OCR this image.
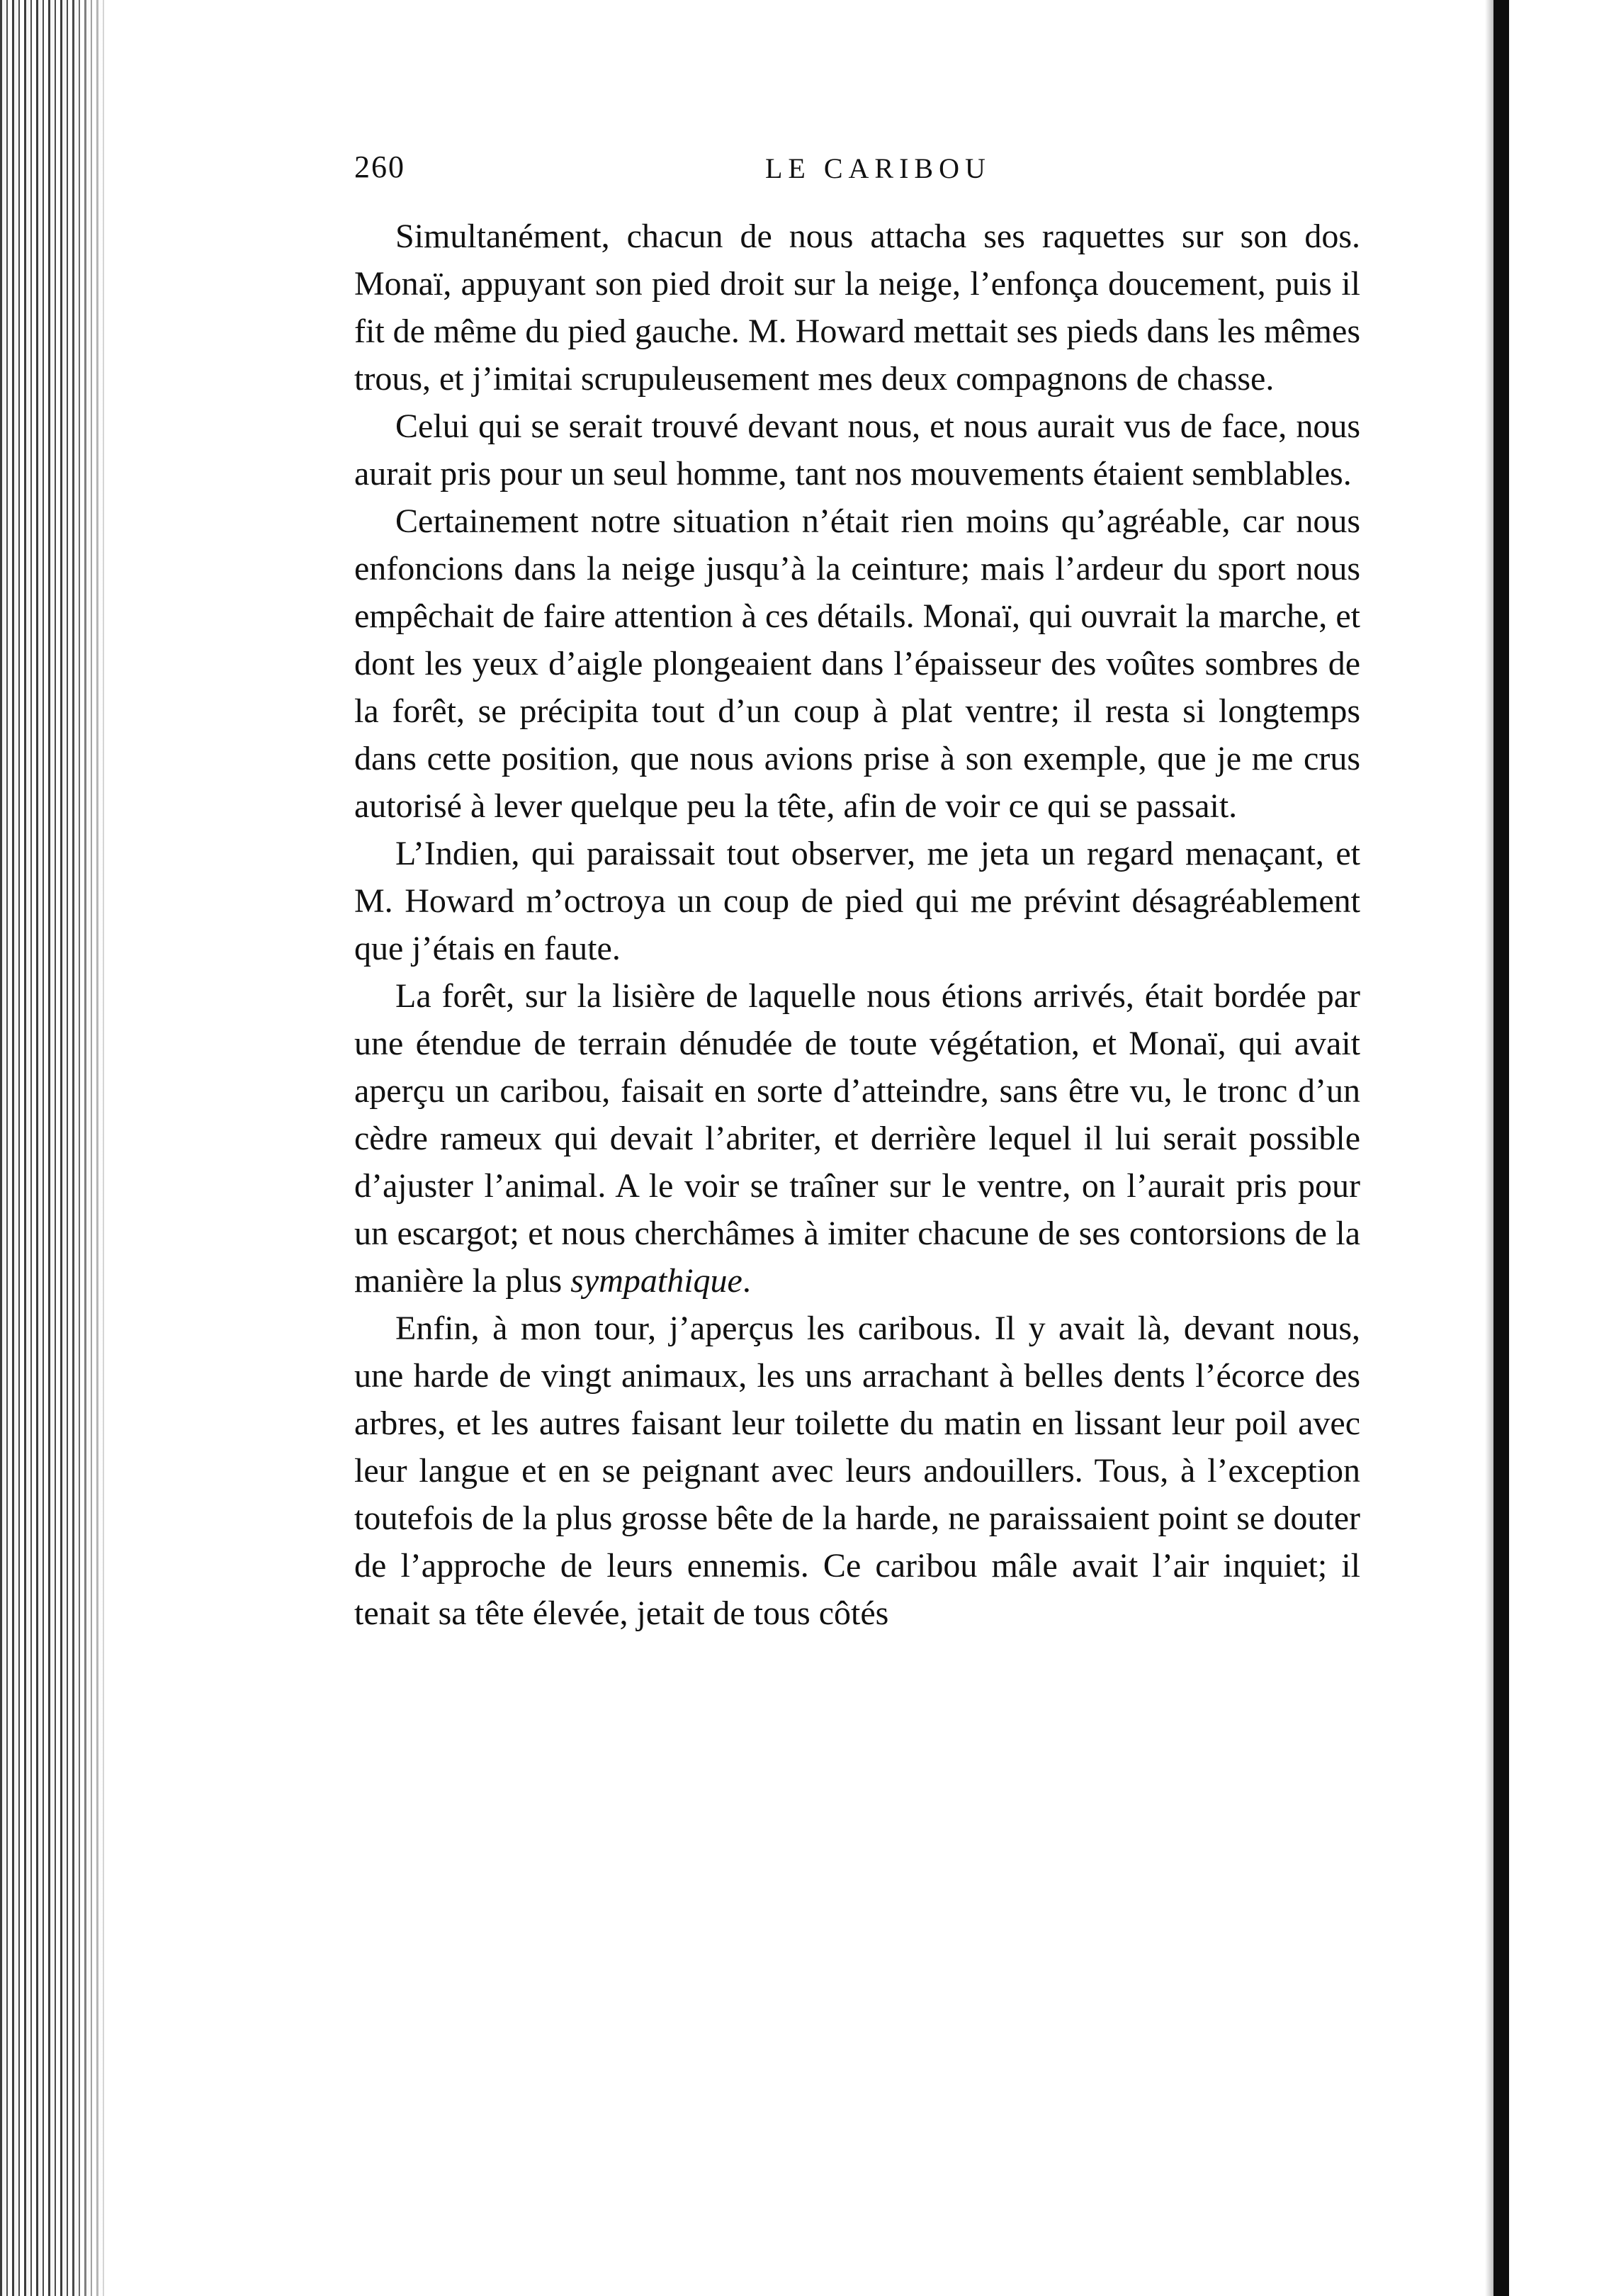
260	LE CARIBOU

Simultanément, chacun de nous attacha ses raquettes sur son dos. Monaï, appuyant son pied droit sur la neige, l’enfonça doucement, puis il fit de même du pied gauche. M. Howard mettait ses pieds dans les mêmes trous, et j’imitai scrupuleusement mes deux compagnons de chasse.

Celui qui se serait trouvé devant nous, et nous aurait vus de face, nous aurait pris pour un seul homme, tant nos mouvements étaient semblables.

Certainement notre situation n’était rien moins qu’agréable, car nous enfoncions dans la neige jusqu’à la ceinture; mais l’ardeur du sport nous empêchait de faire attention à ces détails. Monaï, qui ouvrait la marche, et dont les yeux d’aigle plongeaient dans l’épaisseur des voûtes sombres de la forêt, se précipita tout d’un coup à plat ventre; il resta si longtemps dans cette position, que nous avions prise à son exemple, que je me crus autorisé à lever quelque peu la tête, afin de voir ce qui se passait.

L’Indien, qui paraissait tout observer, me jeta un regard menaçant, et M. Howard m’octroya un coup de pied qui me prévint désagréablement que j’étais en faute.

La forêt, sur la lisière de laquelle nous étions arrivés, était bordée par une étendue de terrain dénudée de toute végétation, et Monaï, qui avait aperçu un caribou, faisait en sorte d’atteindre, sans être vu, le tronc d’un cèdre rameux qui devait l’abriter, et derrière lequel il lui serait possible d’ajuster l’animal. A le voir se traîner sur le ventre, on l’aurait pris pour un escargot; et nous cherchâmes à imiter chacune de ses contorsions de la manière la plus sympathique.

Enfin, à mon tour, j’aperçus les caribous. Il y avait là, devant nous, une harde de vingt animaux, les uns arrachant à belles dents l’écorce des arbres, et les autres faisant leur toilette du matin en lissant leur poil avec leur langue et en se peignant avec leurs andouillers. Tous, à l’exception toutefois de la plus grosse bête de la harde, ne paraissaient point se douter de l’approche de leurs ennemis. Ce caribou mâle avait l’air inquiet; il tenait sa tête élevée, jetait de tous côtés
